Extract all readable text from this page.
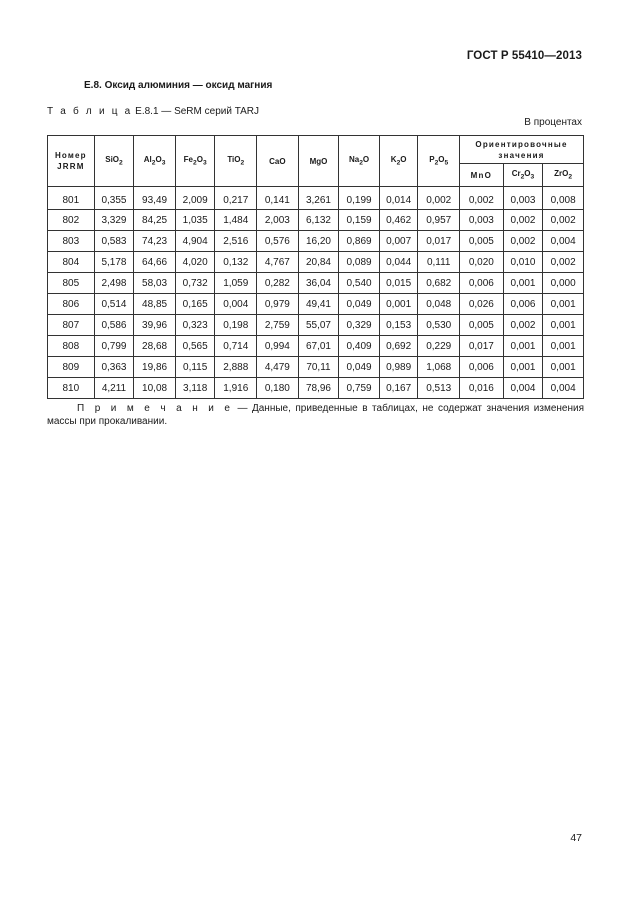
ГОСТ Р 55410—2013
Е.8. Оксид алюминия — оксид магния
Т а б л и ц а Е.8.1 — SeRM серий TARJ
В процентах
Номер JRRM	SiO$_2$	$Al_2O_3$	$Fe_2O_3$	TiO$_2$	CaO	MgO	$Na_2O$	$K_2O$	$P_2O_5$	Ориентировочные значения		
										MnO	$Cr_2O_3$	ZrO$_2$
801	0,355	93,49	2,009	0,217	0,141	3,261	0,199	0,014	0,002	0,002	0,003	0,008
802	3,329	84,25	1,035	1,484	2,003	6,132	0,159	0,462	0,957	0,003	0,002	0,002
803	0,583	74,23	4,904	2,516	0,576	16,20	0,869	0,007	0,017	0,005	0,002	0,004
804	5,178	64,66	4,020	0,132	4,767	20,84	0,089	0,044	0,111	0,020	0,010	0,002
805	2,498	58,03	0,732	1,059	0,282	36,04	0,540	0,015	0,682	0,006	0,001	0,000
806	0,514	48,85	0,165	0,004	0,979	49,41	0,049	0,001	0,048	0,026	0,006	0,001
807	0,586	39,96	0,323	0,198	2,759	55,07	0,329	0,153	0,530	0,005	0,002	0,001
808	0,799	28,68	0,565	0,714	0,994	67,01	0,409	0,692	0,229	0,017	0,001	0,001
809	0,363	19,86	0,115	2,888	4,479	70,11	0,049	0,989	1,068	0,006	0,001	0,001
810	4,211	10,08	3,118	1,916	0,180	78,96	0,759	0,167	0,513	0,016	0,004	0,004
П р и м е ч а н и е — Данные, приведенные в таблицах, не содержат значения изменения массы при прокаливании.
47
